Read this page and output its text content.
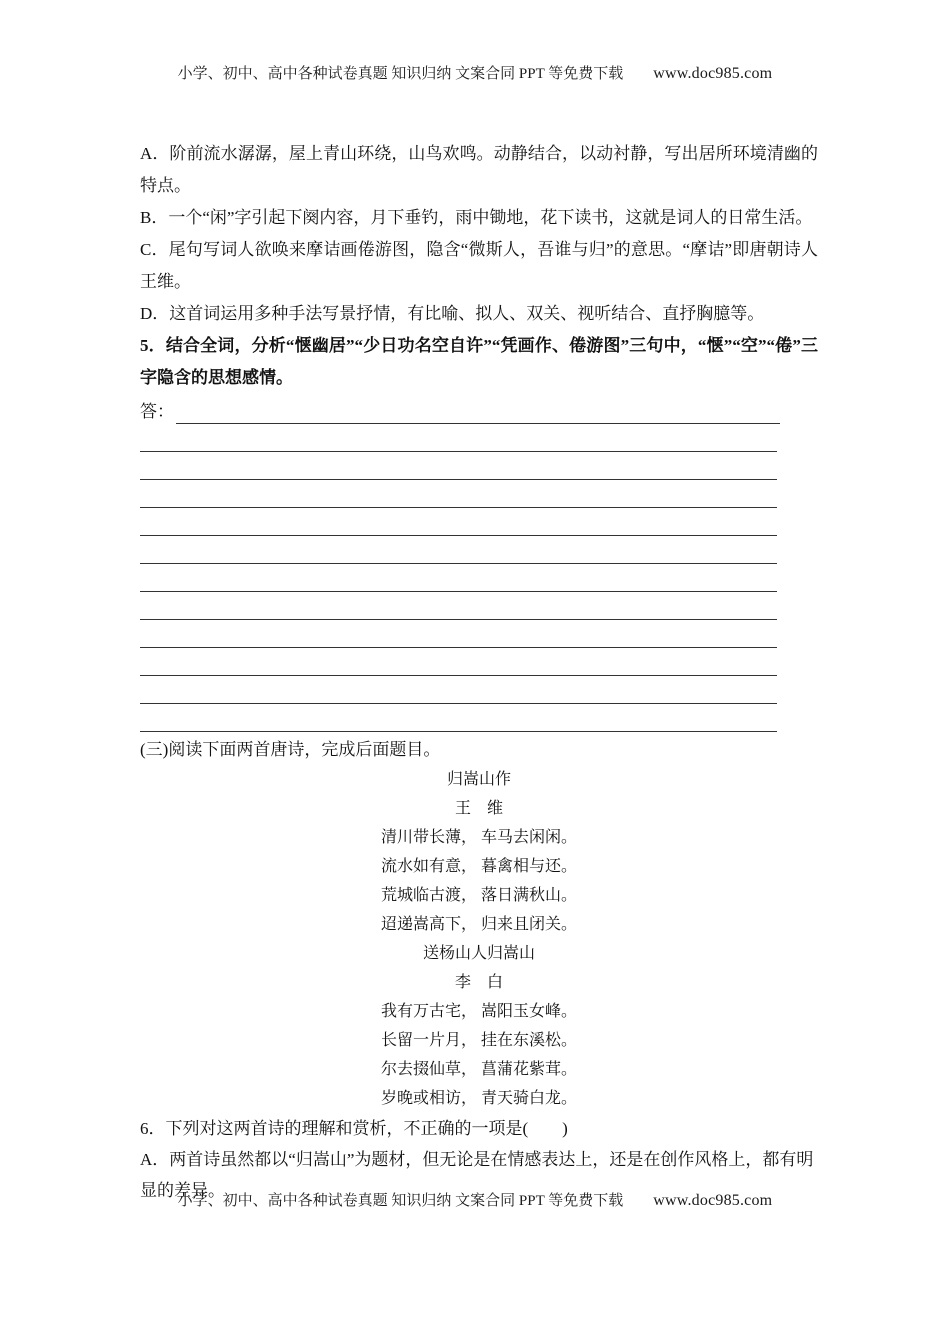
小学、初中、高中各种试卷真题 知识归纳 文案合同 PPT 等免费下载 www.doc985.com

A．阶前流水潺潺，屋上青山环绕，山鸟欢鸣。动静结合，以动衬静，写出居所环境清幽的特点。

B．一个“闲”字引起下阕内容，月下垂钓，雨中锄地，花下读书，这就是词人的日常生活。

C．尾句写词人欲唤来摩诘画倦游图，隐含“微斯人，吾谁与归”的意思。“摩诘”即唐朝诗人王维。

D．这首词运用多种手法写景抒情，有比喻、拟人、双关、视听结合、直抒胸臆等。

5．结合全词，分析“惬幽居”“少日功名空自许”“凭画作、倦游图”三句中，“惬”“空”“倦”三字隐含的思想感情。

答：

(三)阅读下面两首唐诗，完成后面题目。

归嵩山作
王　维
清川带长薄， 车马去闲闲。
流水如有意， 暮禽相与还。
荒城临古渡， 落日满秋山。
迢递嵩高下， 归来且闭关。
送杨山人归嵩山
李　白
我有万古宅， 嵩阳玉女峰。
长留一片月， 挂在东溪松。
尔去掇仙草， 菖蒲花紫茸。
岁晚或相访， 青天骑白龙。

6．下列对这两首诗的理解和赏析，不正确的一项是(　　)

A．两首诗虽然都以“归嵩山”为题材，但无论是在情感表达上，还是在创作风格上，都有明显的差异。

小学、初中、高中各种试卷真题 知识归纳 文案合同 PPT 等免费下载 www.doc985.com
